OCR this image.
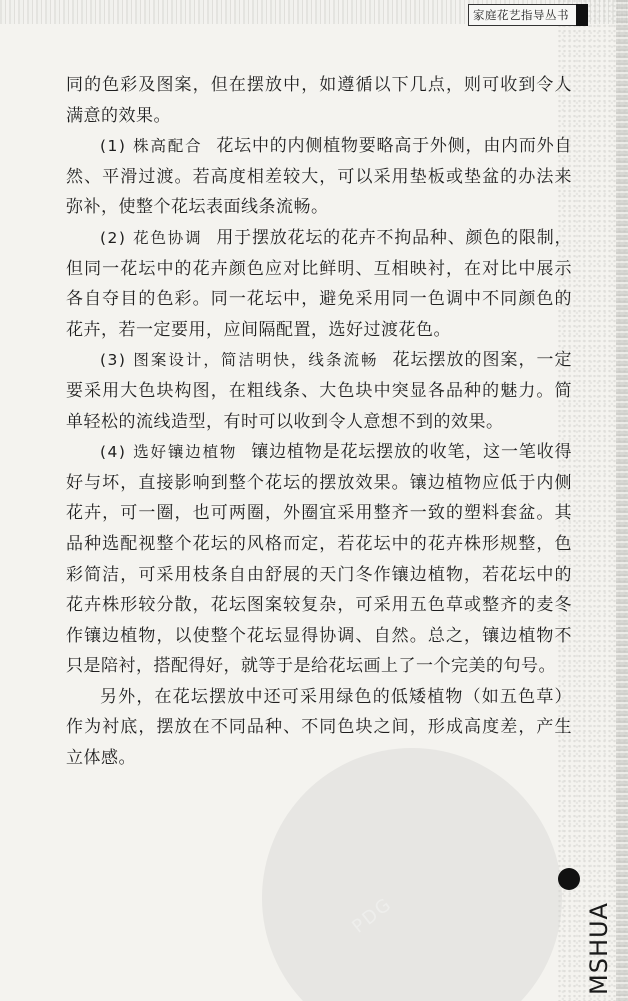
家庭花艺指导丛书
PDG

同的色彩及图案，但在摆放中，如遵循以下几点，则可收到令人满意的效果。

(1) 株高配合 花坛中的内侧植物要略高于外侧，由内而外自然、平滑过渡。若高度相差较大，可以采用垫板或垫盆的办法来弥补，使整个花坛表面线条流畅。

(2) 花色协调 用于摆放花坛的花卉不拘品种、颜色的限制，但同一花坛中的花卉颜色应对比鲜明、互相映衬，在对比中展示各自夺目的色彩。同一花坛中，避免采用同一色调中不同颜色的花卉，若一定要用，应间隔配置，选好过渡花色。

(3) 图案设计，简洁明快，线条流畅 花坛摆放的图案，一定要采用大色块构图，在粗线条、大色块中突显各品种的魅力。简单轻松的流线造型，有时可以收到令人意想不到的效果。

(4) 选好镶边植物 镶边植物是花坛摆放的收笔，这一笔收得好与坏，直接影响到整个花坛的摆放效果。镶边植物应低于内侧花卉，可一圈，也可两圈，外圈宜采用整齐一致的塑料套盆。其品种选配视整个花坛的风格而定，若花坛中的花卉株形规整，色彩简洁，可采用枝条自由舒展的天门冬作镶边植物，若花坛中的花卉株形较分散，花坛图案较复杂，可采用五色草或整齐的麦冬作镶边植物，以使整个花坛显得协调、自然。总之，镶边植物不只是陪衬，搭配得好，就等于是给花坛画上了一个完美的句号。

另外，在花坛摆放中还可采用绿色的低矮植物（如五色草）作为衬底，摆放在不同品种、不同色块之间，形成高度差，产生立体感。

MSHUA
